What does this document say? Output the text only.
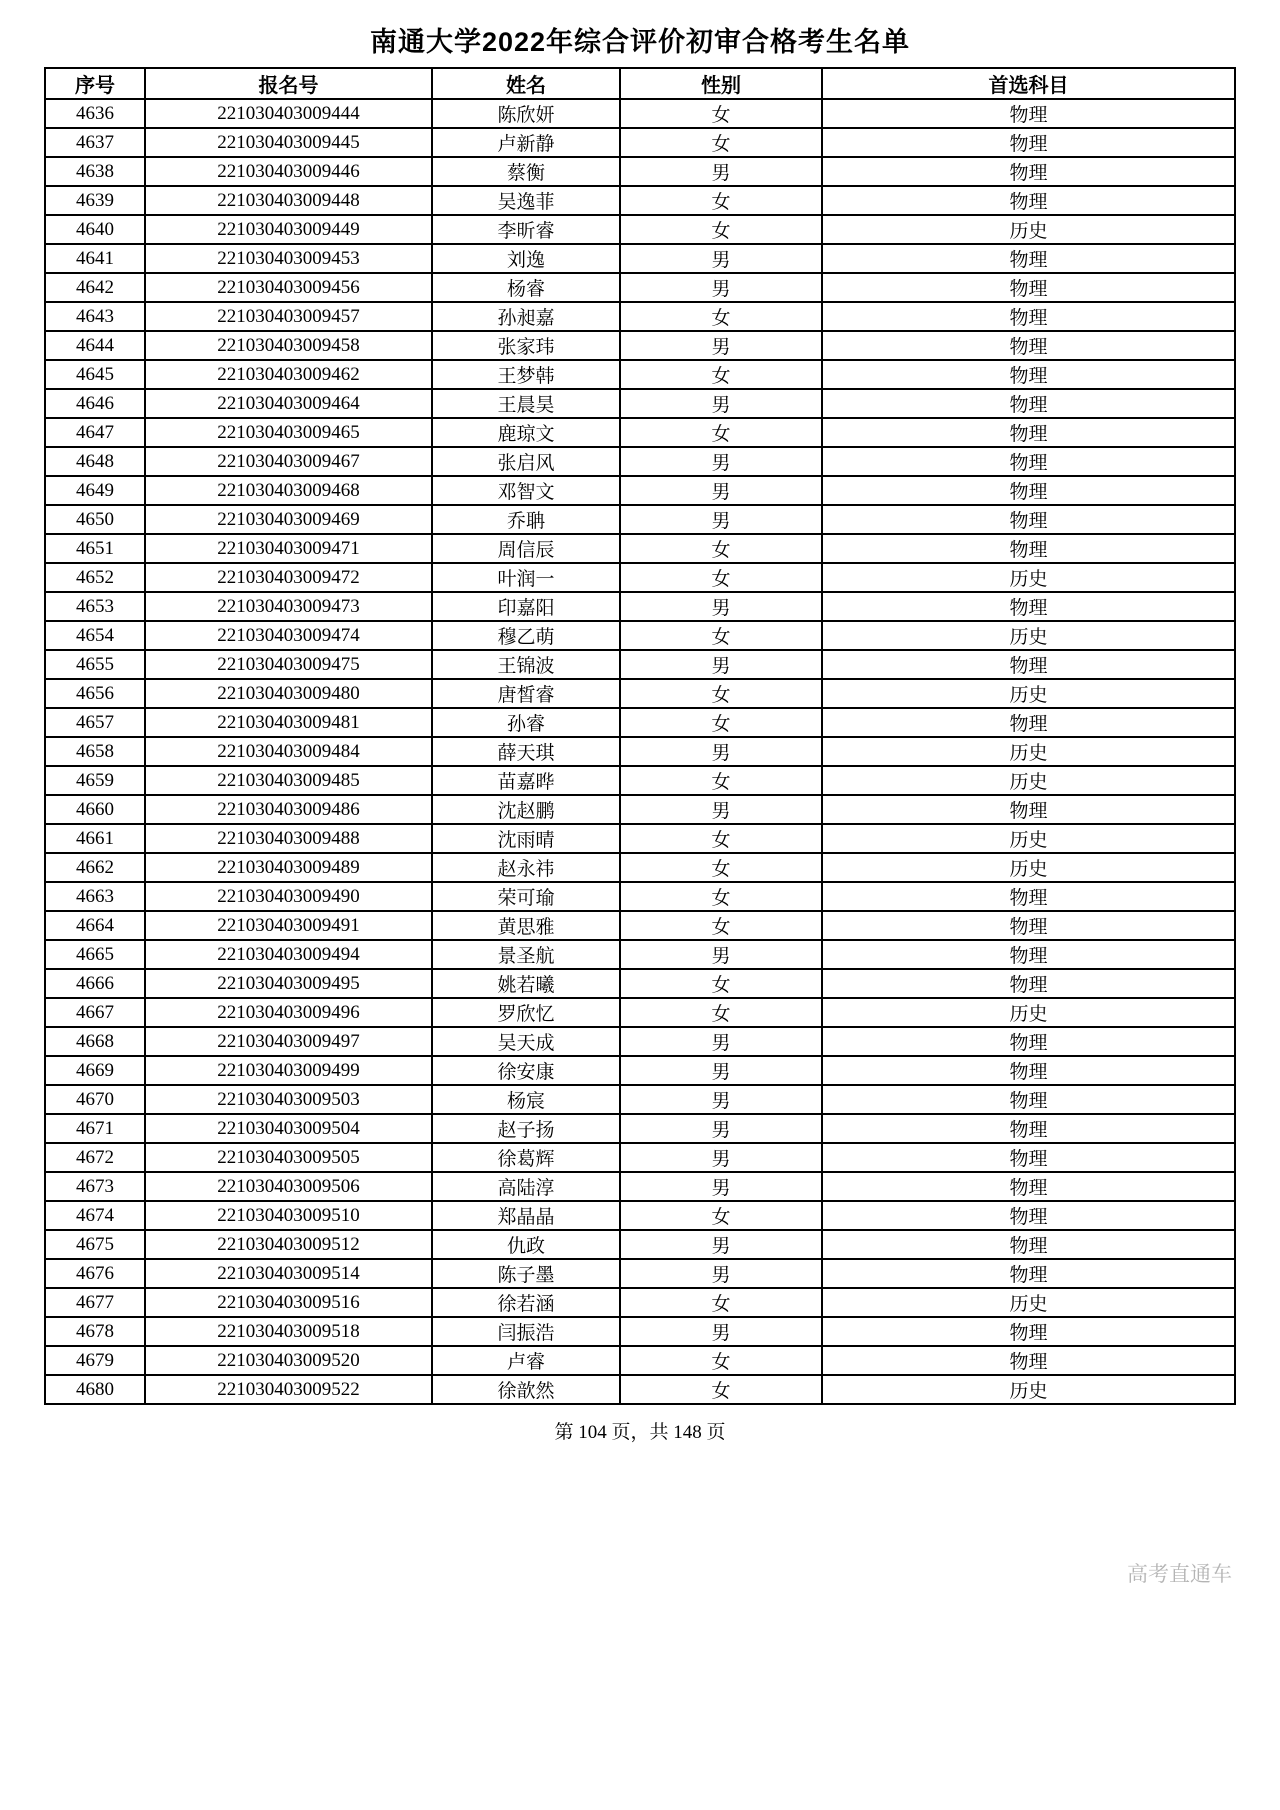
南通大学2022年综合评价初审合格考生名单
序号	报名号	姓名	性别	首选科目
4636	221030403009444	陈欣妍	女	物理
4637	221030403009445	卢新静	女	物理
4638	221030403009446	蔡衡	男	物理
4639	221030403009448	吴逸菲	女	物理
4640	221030403009449	李昕睿	女	历史
4641	221030403009453	刘逸	男	物理
4642	221030403009456	杨睿	男	物理
4643	221030403009457	孙昶嘉	女	物理
4644	221030403009458	张家玮	男	物理
4645	221030403009462	王梦韩	女	物理
4646	221030403009464	王晨昊	男	物理
4647	221030403009465	鹿琼文	女	物理
4648	221030403009467	张启风	男	物理
4649	221030403009468	邓智文	男	物理
4650	221030403009469	乔聃	男	物理
4651	221030403009471	周信辰	女	物理
4652	221030403009472	叶润一	女	历史
4653	221030403009473	印嘉阳	男	物理
4654	221030403009474	穆乙萌	女	历史
4655	221030403009475	王锦波	男	物理
4656	221030403009480	唐皙睿	女	历史
4657	221030403009481	孙睿	女	物理
4658	221030403009484	薛天琪	男	历史
4659	221030403009485	苗嘉晔	女	历史
4660	221030403009486	沈赵鹏	男	物理
4661	221030403009488	沈雨晴	女	历史
4662	221030403009489	赵永祎	女	历史
4663	221030403009490	荣可瑜	女	物理
4664	221030403009491	黄思雅	女	物理
4665	221030403009494	景圣航	男	物理
4666	221030403009495	姚若曦	女	物理
4667	221030403009496	罗欣忆	女	历史
4668	221030403009497	吴天成	男	物理
4669	221030403009499	徐安康	男	物理
4670	221030403009503	杨宸	男	物理
4671	221030403009504	赵子扬	男	物理
4672	221030403009505	徐葛辉	男	物理
4673	221030403009506	高陆淳	男	物理
4674	221030403009510	郑晶晶	女	物理
4675	221030403009512	仇政	男	物理
4676	221030403009514	陈子墨	男	物理
4677	221030403009516	徐若涵	女	历史
4678	221030403009518	闫振浩	男	物理
4679	221030403009520	卢睿	女	物理
4680	221030403009522	徐歆然	女	历史
第 104 页，共 148 页
高考直通车
